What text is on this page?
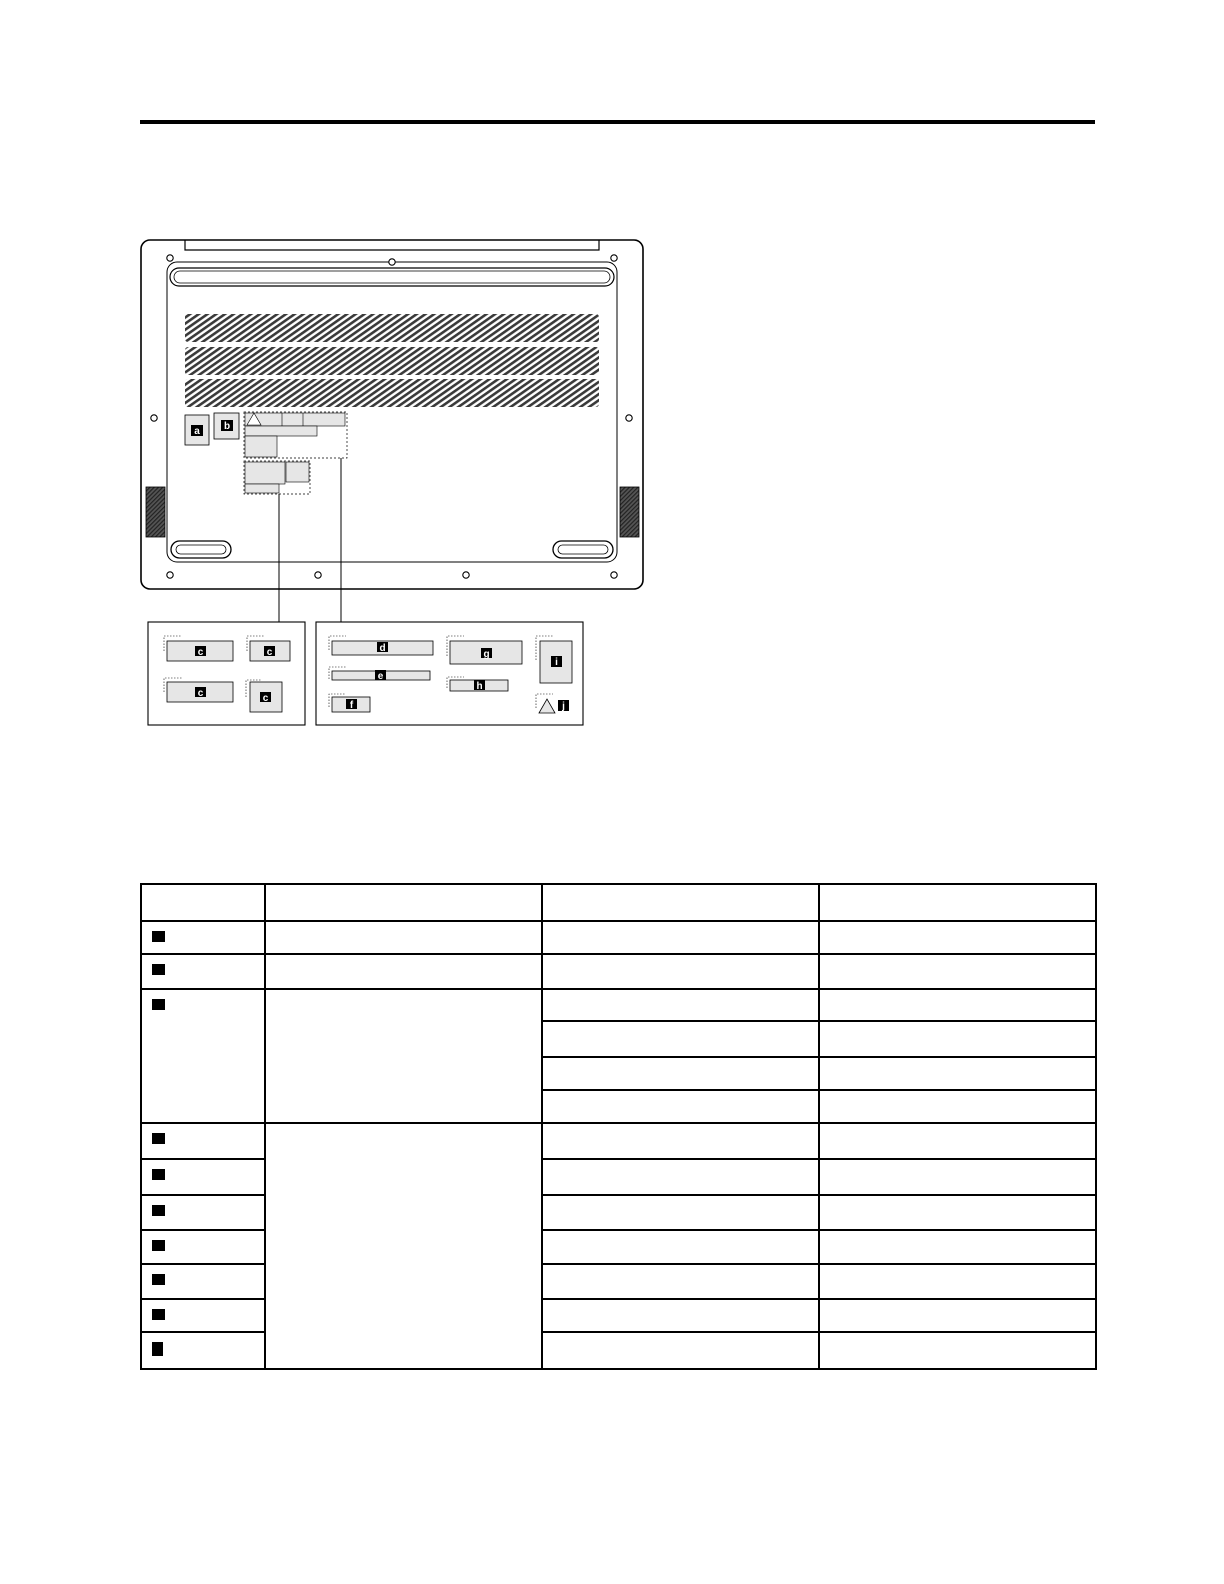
a b
c	c
c	c
d
e
f
g
h
i
j
